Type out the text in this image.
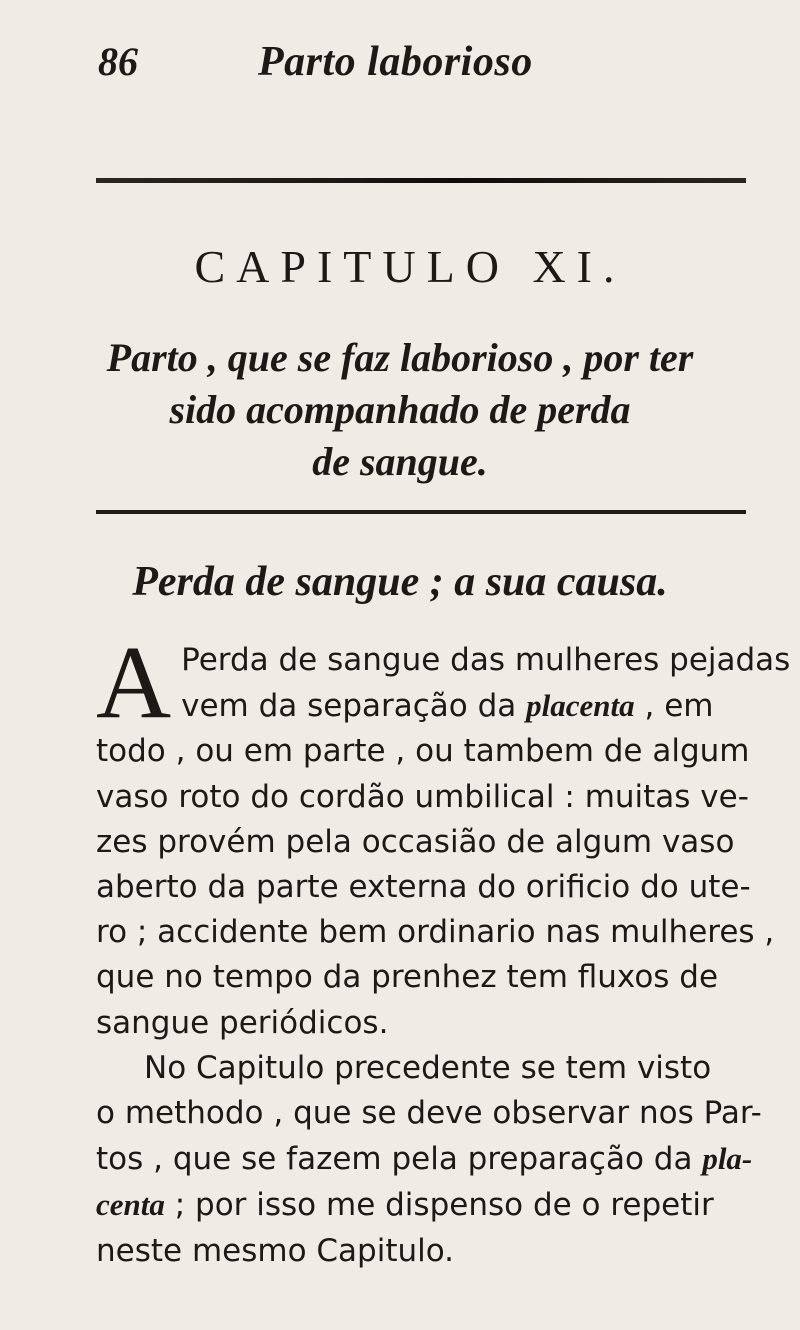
86	Parto laborioso
CAPITULO XI.
Parto , que se faz laborioso , por ter
sido acompanhado de perda
de sangue.
Perda de sangue ; a sua causa.
A Perda de sangue das mulheres pejadas
vem da separação da placenta , em
todo , ou em parte , ou tambem de algum
vaso roto do cordão umbilical : muitas ve-
zes provém pela occasião de algum vaso
aberto da parte externa do orificio do ute-
ro ; accidente bem ordinario nas mulheres ,
que no tempo da prenhez tem fluxos de
sangue periódicos.
No Capitulo precedente se tem visto
o methodo , que se deve observar nos Par-
tos , que se fazem pela preparação da pla-
centa ; por isso me dispenso de o repetir
neste mesmo Capitulo.
